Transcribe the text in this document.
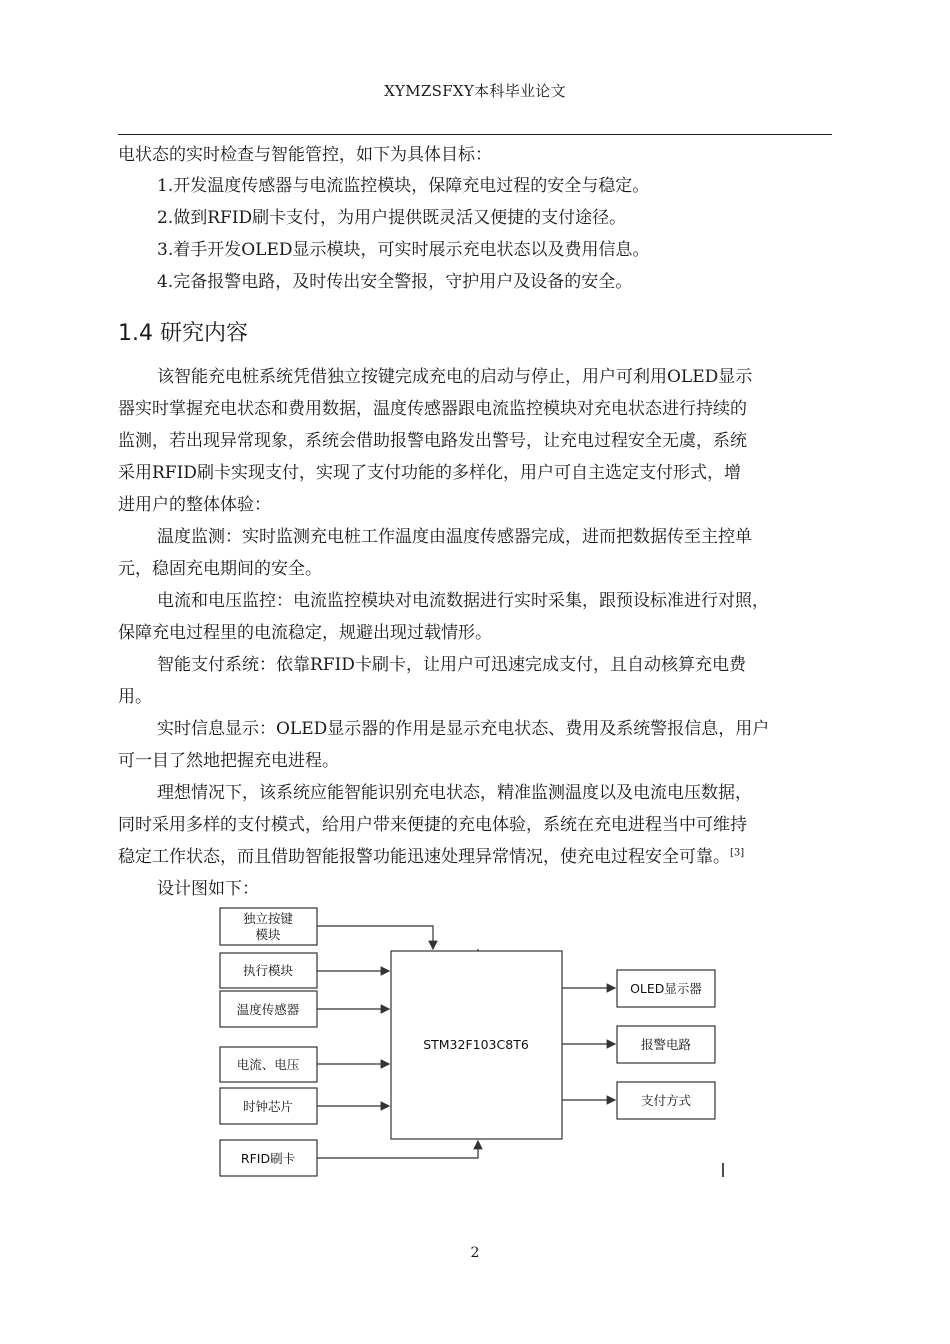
XYMZSFXY本科毕业论文
电状态的实时检查与智能管控，如下为具体目标：
1.开发温度传感器与电流监控模块，保障充电过程的安全与稳定。
2.做到RFID刷卡支付，为用户提供既灵活又便捷的支付途径。
3.着手开发OLED显示模块，可实时展示充电状态以及费用信息。
4.完备报警电路，及时传出安全警报，守护用户及设备的安全。
1.4 研究内容
该智能充电桩系统凭借独立按键完成充电的启动与停止，用户可利用OLED显示
器实时掌握充电状态和费用数据，温度传感器跟电流监控模块对充电状态进行持续的
监测，若出现异常现象，系统会借助报警电路发出警号，让充电过程安全无虞，系统
采用RFID刷卡实现支付，实现了支付功能的多样化，用户可自主选定支付形式，增
进用户的整体体验：
温度监测：实时监测充电桩工作温度由温度传感器完成，进而把数据传至主控单
元，稳固充电期间的安全。
电流和电压监控：电流监控模块对电流数据进行实时采集，跟预设标准进行对照，
保障充电过程里的电流稳定，规避出现过载情形。
智能支付系统：依靠RFID卡刷卡，让用户可迅速完成支付，且自动核算充电费
用。
实时信息显示：OLED显示器的作用是显示充电状态、费用及系统警报信息，用户
可一目了然地把握充电进程。
理想情况下，该系统应能智能识别充电状态，精准监测温度以及电流电压数据，
同时采用多样的支付模式，给用户带来便捷的充电体验，系统在充电进程当中可维持
稳定工作状态，而且借助智能报警功能迅速处理异常情况，使充电过程安全可靠。[3]
设计图如下：
STM32F103C8T6
独立按键
模块
执行模块
温度传感器
电流、电压
时钟芯片
RFID刷卡
OLED显示器
报警电路
支付方式
2
